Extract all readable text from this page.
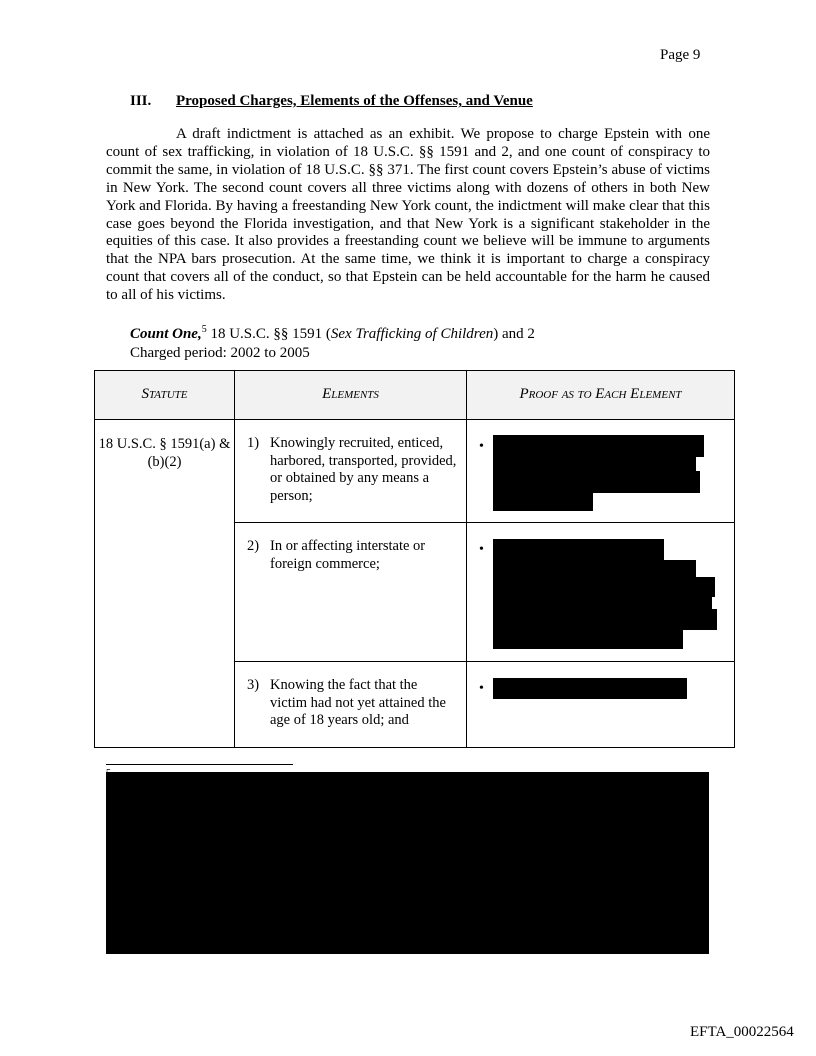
Page 9
III. Proposed Charges, Elements of the Offenses, and Venue

A draft indictment is attached as an exhibit. We propose to charge Epstein with one count of sex trafficking, in violation of 18 U.S.C. §§ 1591 and 2, and one count of conspiracy to commit the same, in violation of 18 U.S.C. §§ 371. The first count covers Epstein’s abuse of victims in New York. The second count covers all three victims along with dozens of others in both New York and Florida. By having a freestanding New York count, the indictment will make clear that this case goes beyond the Florida investigation, and that New York is a significant stakeholder in the equities of this case. It also provides a freestanding count we believe will be immune to arguments that the NPA bars prosecution. At the same time, we think it is important to charge a conspiracy count that covers all of the conduct, so that Epstein can be held accountable for the harm he caused to all of his victims.

Count One,$^5$ 18 U.S.C. §§ 1591 (Sex Trafficking of Children) and 2
Charged period: 2002 to 2005
Statute	Elements	Proof as to Each Element
18 U.S.C. § 1591(a) & (b)(2)	1) Knowingly recruited, enticed, harbored, transported, provided, or obtained by any means a person;	•

	2) In or affecting interstate or foreign commerce;	•

	3) Knowing the fact that the victim had not yet attained the age of 18 years old; and	•
EFTA_00022564
